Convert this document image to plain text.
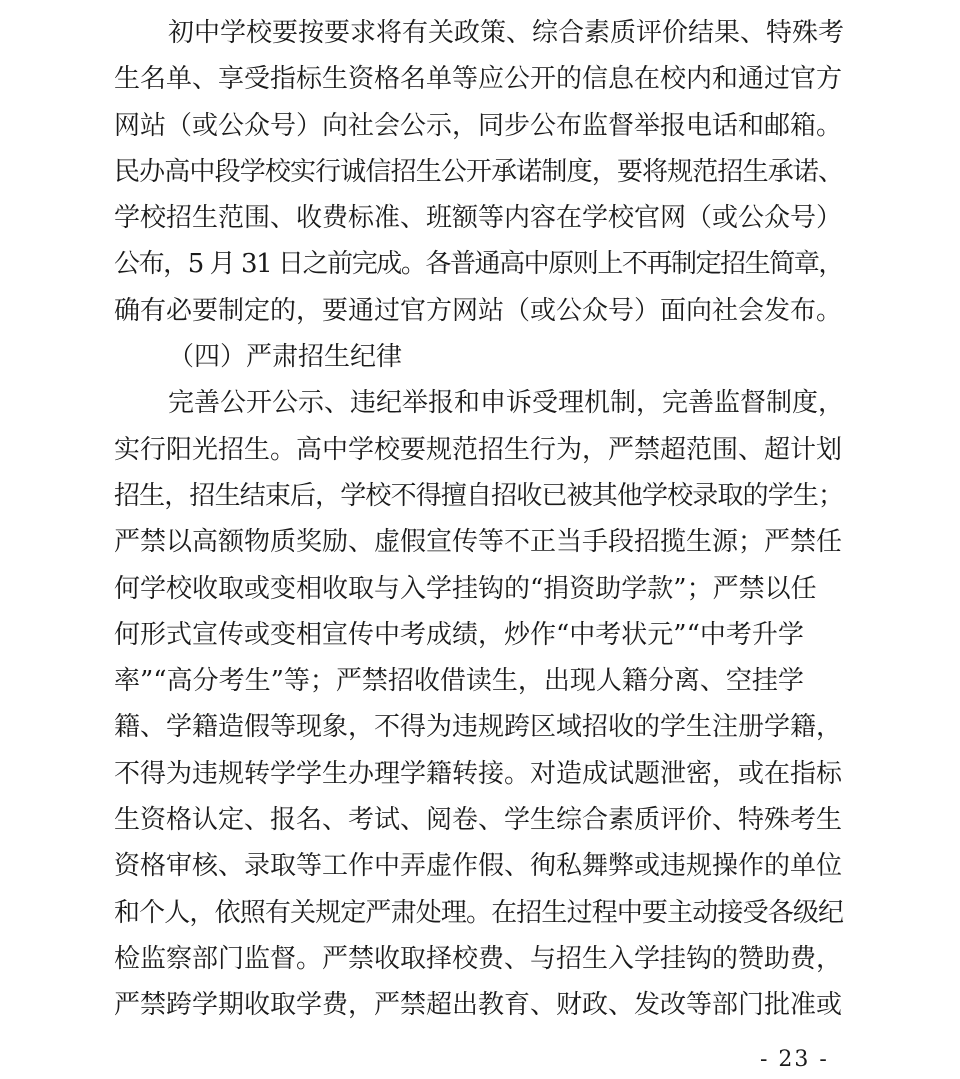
初中学校要按要求将有关政策、综合素质评价结果、特殊考
生名单、享受指标生资格名单等应公开的信息在校内和通过官方
网站（或公众号）向社会公示，同步公布监督举报电话和邮箱。
民办高中段学校实行诚信招生公开承诺制度，要将规范招生承诺、
学校招生范围、收费标准、班额等内容在学校官网（或公众号）
公布，5 月 31 日之前完成。各普通高中原则上不再制定招生简章，
确有必要制定的，要通过官方网站（或公众号）面向社会发布。
（四）严肃招生纪律
完善公开公示、违纪举报和申诉受理机制，完善监督制度，
实行阳光招生。高中学校要规范招生行为，严禁超范围、超计划
招生，招生结束后，学校不得擅自招收已被其他学校录取的学生；
严禁以高额物质奖励、虚假宣传等不正当手段招揽生源；严禁任
何学校收取或变相收取与入学挂钩的“捐资助学款”；严禁以任
何形式宣传或变相宣传中考成绩，炒作“中考状元”“中考升学
率”“高分考生”等；严禁招收借读生，出现人籍分离、空挂学
籍、学籍造假等现象，不得为违规跨区域招收的学生注册学籍，
不得为违规转学学生办理学籍转接。对造成试题泄密，或在指标
生资格认定、报名、考试、阅卷、学生综合素质评价、特殊考生
资格审核、录取等工作中弄虚作假、徇私舞弊或违规操作的单位
和个人，依照有关规定严肃处理。在招生过程中要主动接受各级纪
检监察部门监督。严禁收取择校费、与招生入学挂钩的赞助费，
严禁跨学期收取学费，严禁超出教育、财政、发改等部门批准或
- 23 -
